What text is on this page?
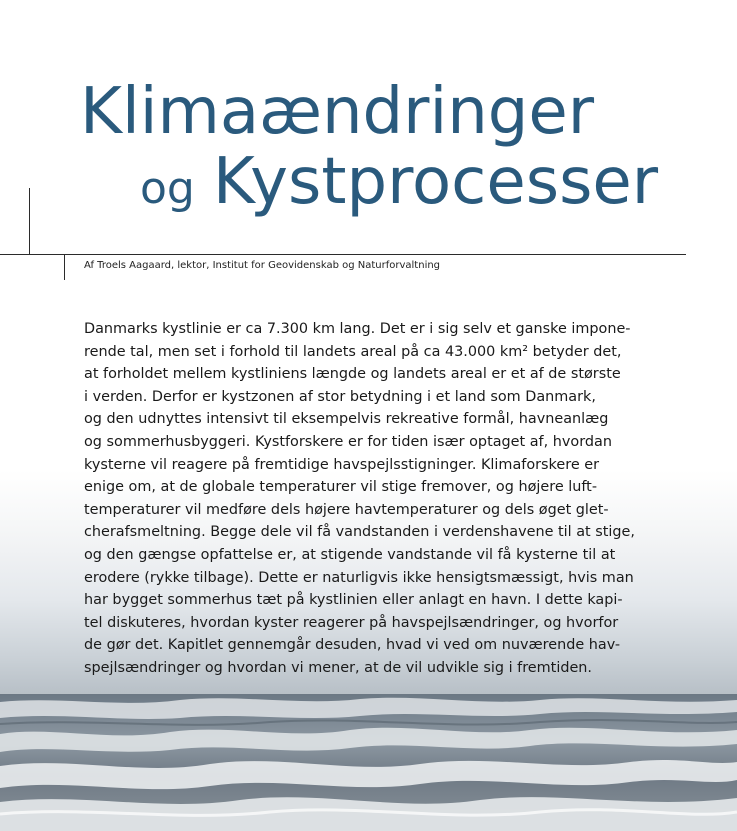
Klimaændringer
og Kystprocesser
Af Troels Aagaard, lektor, Institut for Geovidenskab og Naturforvaltning
Danmarks kystlinie er ca 7.300 km lang. Det er i sig selv et ganske impone-
rende tal, men set i forhold til landets areal på ca 43.000 km² betyder det,
at forholdet mellem kystliniens længde og landets areal er et af de største
i verden. Derfor er kystzonen af stor betydning i et land som Danmark,
og den udnyttes intensivt til eksempelvis rekreative formål, havneanlæg
og sommerhusbyggeri. Kystforskere er for tiden især optaget af, hvordan
kysterne vil reagere på fremtidige havspejlsstigninger. Klimaforskere er
enige om, at de globale temperaturer vil stige fremover, og højere luft-
temperaturer vil medføre dels højere havtemperaturer og dels øget glet-
cherafsmeltning. Begge dele vil få vandstanden i verdenshavene til at stige,
og den gængse opfattelse er, at stigende vandstande vil få kysterne til at
erodere (rykke tilbage). Dette er naturligvis ikke hensigtsmæssigt, hvis man
har bygget sommerhus tæt på kystlinien eller anlagt en havn. I dette kapi-
tel diskuteres, hvordan kyster reagerer på havspejlsændringer, og hvorfor
de gør det. Kapitlet gennemgår desuden, hvad vi ved om nuværende hav-
spejlsændringer og hvordan vi mener, at de vil udvikle sig i fremtiden.
